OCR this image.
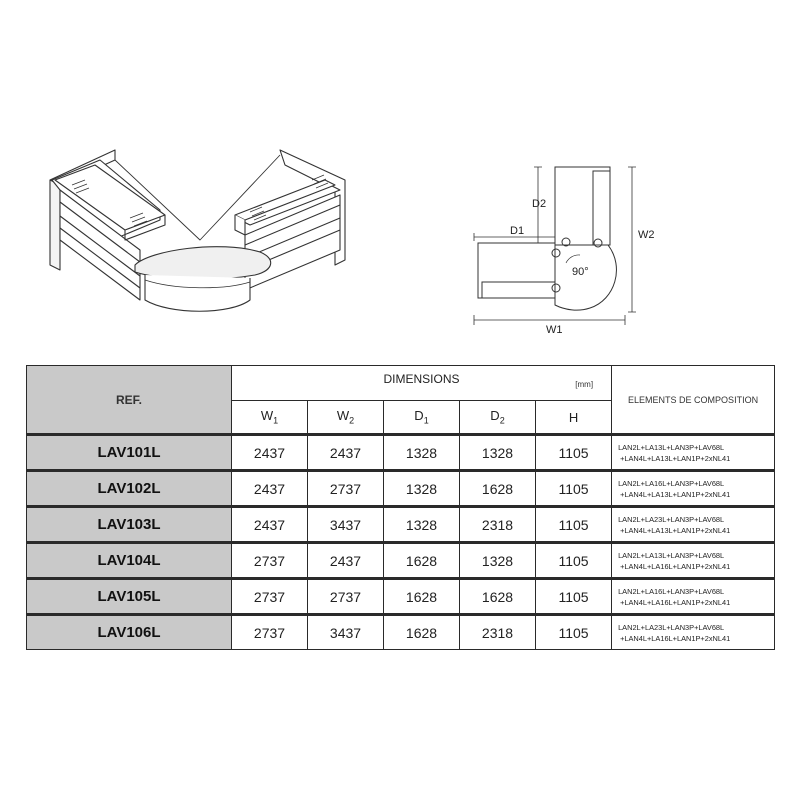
D2
D1	W2
W1
90°
REF.	DIMENSIONS [mm]					ELEMENTS DE COMPOSITION
	$W_1$	$W_2$	$D_1$	$D_2$	H	
LAV101L	2437	2437	1328	1328	1105	LAN2L+LA13L+LAN3P+LAV68L
+LAN4L+LA13L+LAN1P+2xNL41

LAV102L	2437	2737	1328	1628	1105	LAN2L+LA16L+LAN3P+LAV68L
+LAN4L+LA13L+LAN1P+2xNL41

LAV103L	2437	3437	1328	2318	1105	LAN2L+LA23L+LAN3P+LAV68L
+LAN4L+LA13L+LAN1P+2xNL41

LAV104L	2737	2437	1628	1328	1105	LAN2L+LA13L+LAN3P+LAV68L
+LAN4L+LA16L+LAN1P+2xNL41

LAV105L	2737	2737	1628	1628	1105	LAN2L+LA16L+LAN3P+LAV68L
+LAN4L+LA16L+LAN1P+2xNL41

LAV106L	2737	3437	1628	2318	1105	LAN2L+LA23L+LAN3P+LAV68L
+LAN4L+LA16L+LAN1P+2xNL41
